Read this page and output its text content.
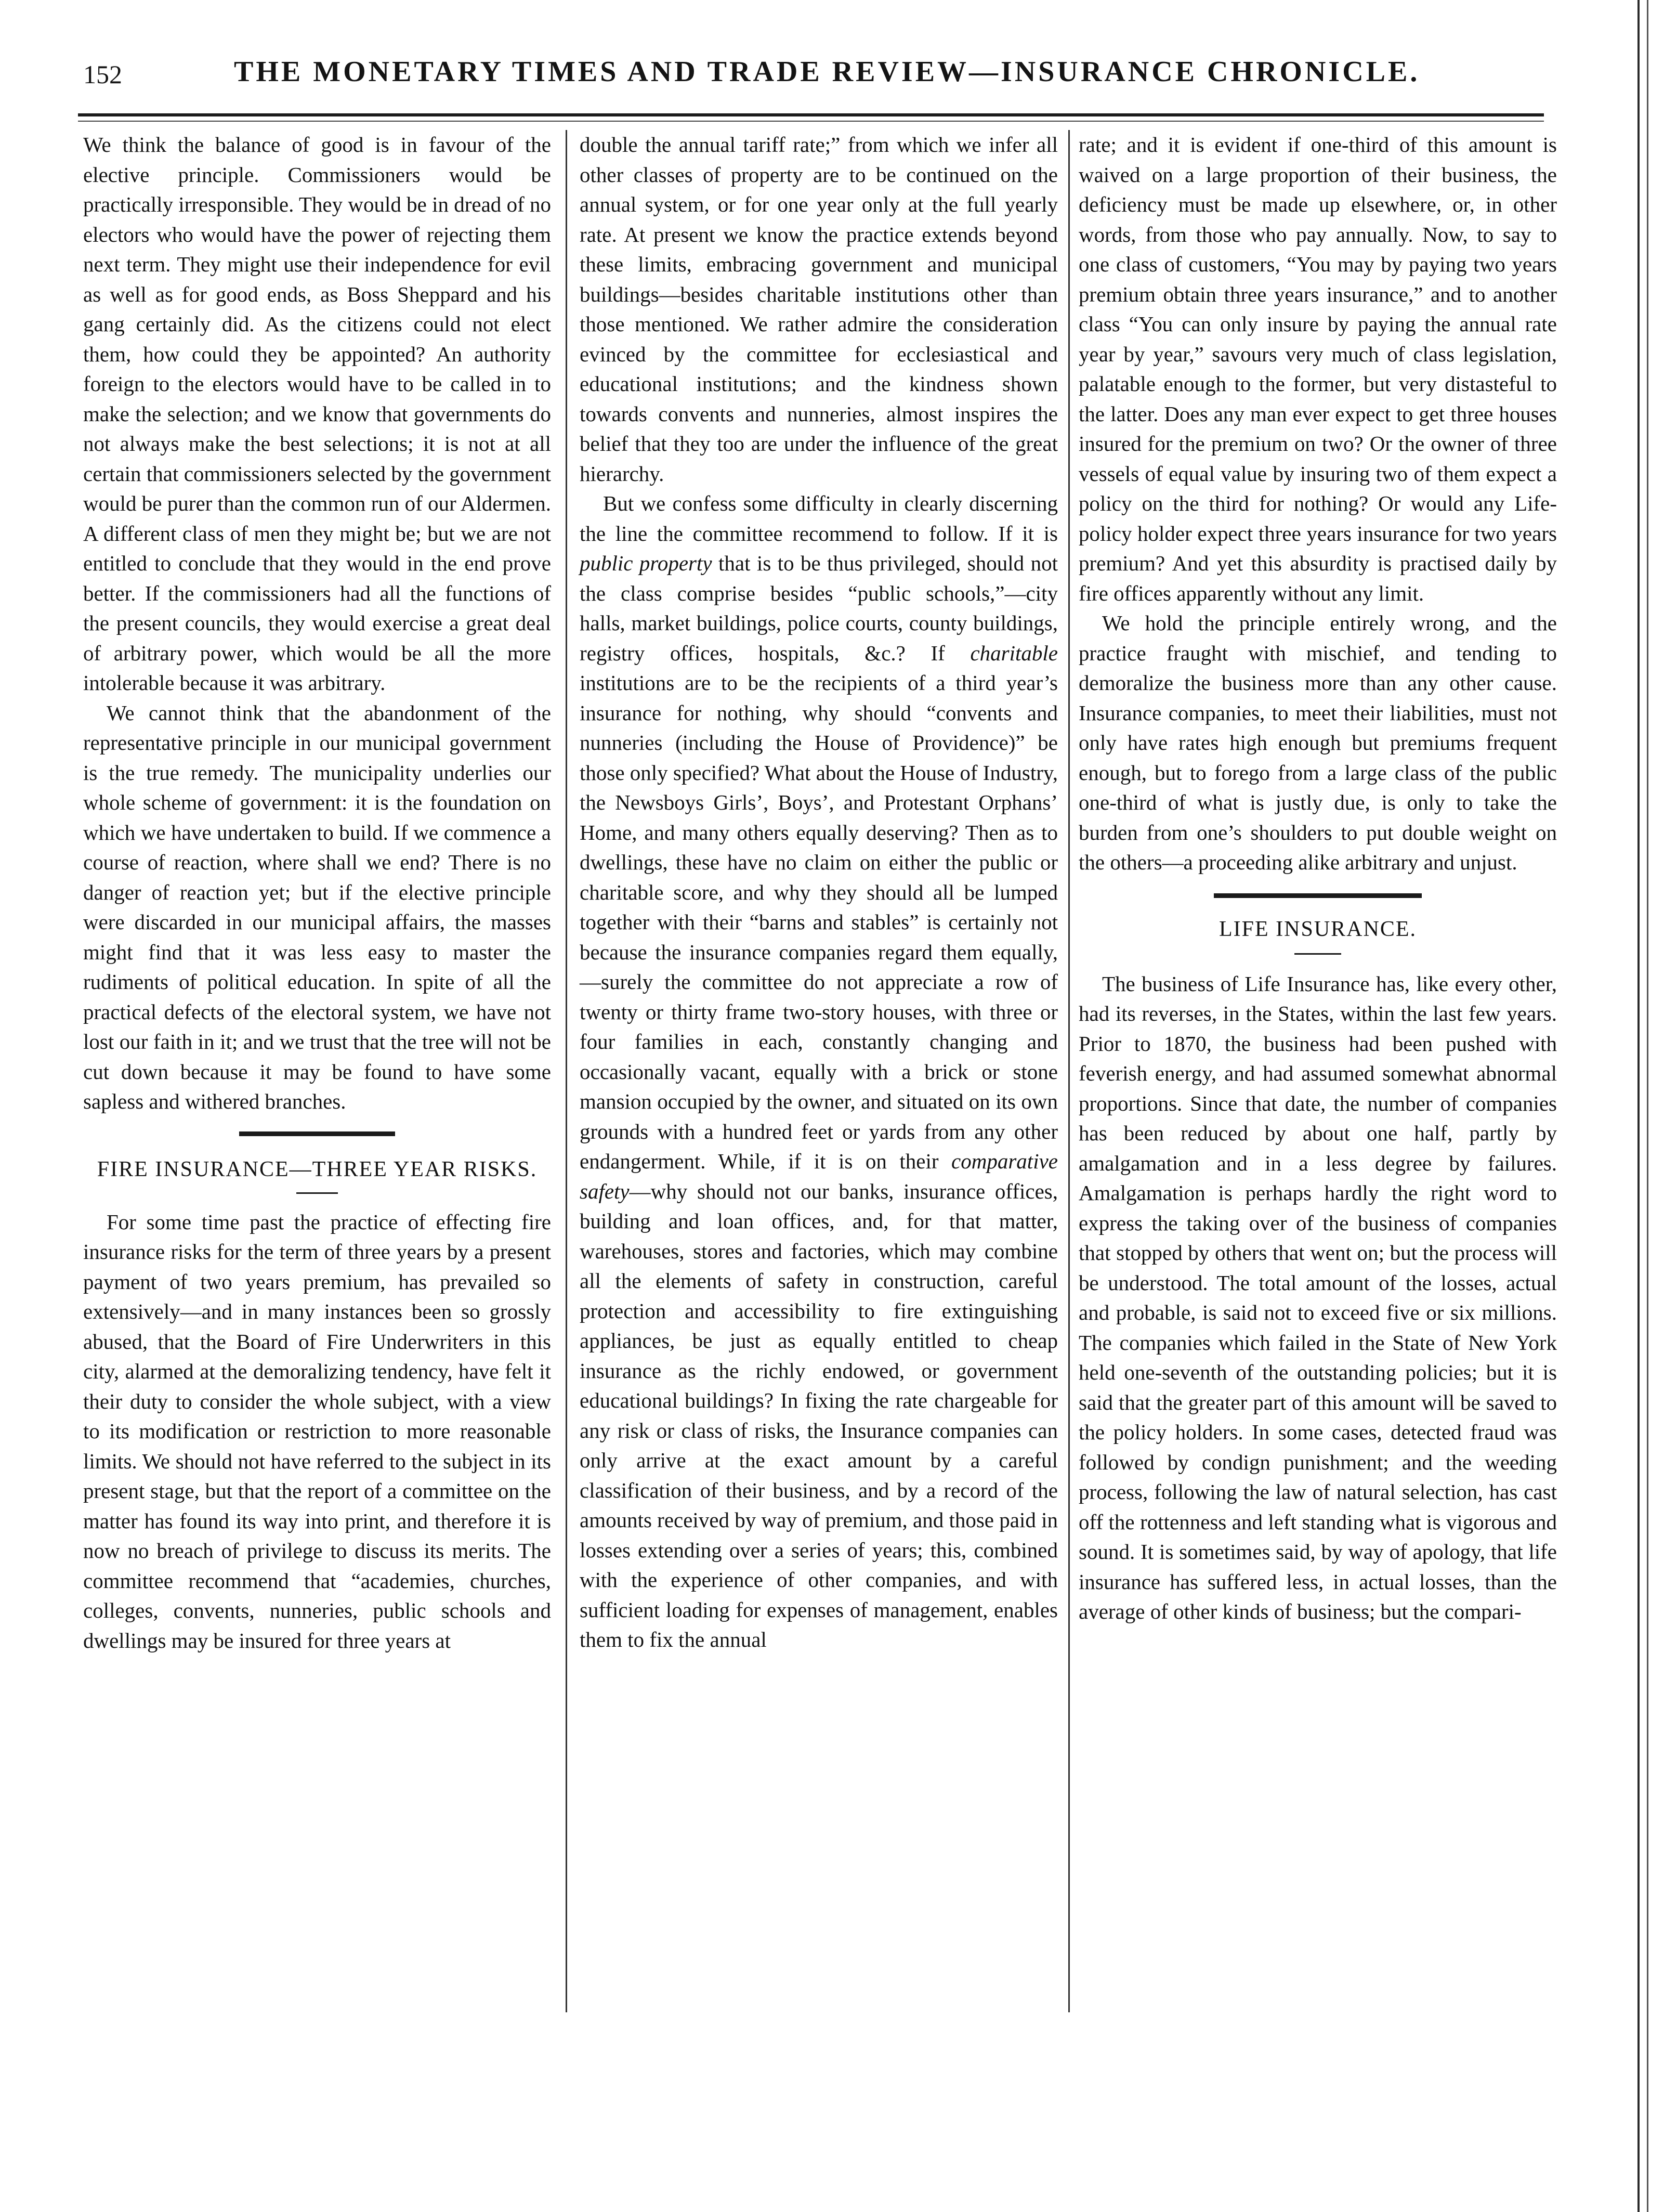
152	THE MONETARY TIMES AND TRADE REVIEW—INSURANCE CHRONICLE.

We think the balance of good is in favour of the elective principle. Commissioners would be practically irresponsible. They would be in dread of no electors who would have the power of rejecting them next term. They might use their independence for evil as well as for good ends, as Boss Sheppard and his gang certainly did. As the citizens could not elect them, how could they be appointed? An authority foreign to the electors would have to be called in to make the selection; and we know that governments do not always make the best selections; it is not at all certain that commissioners selected by the government would be purer than the common run of our Aldermen. A different class of men they might be; but we are not entitled to conclude that they would in the end prove better. If the commissioners had all the functions of the present councils, they would exercise a great deal of arbitrary power, which would be all the more intolerable because it was arbitrary.

We cannot think that the abandonment of the representative principle in our municipal government is the true remedy. The municipality underlies our whole scheme of government: it is the foundation on which we have undertaken to build. If we commence a course of reaction, where shall we end? There is no danger of reaction yet; but if the elective principle were discarded in our municipal affairs, the masses might find that it was less easy to master the rudiments of political education. In spite of all the practical defects of the electoral system, we have not lost our faith in it; and we trust that the tree will not be cut down because it may be found to have some sapless and withered branches.

FIRE INSURANCE—THREE YEAR RISKS.

For some time past the practice of effecting fire insurance risks for the term of three years by a present payment of two years premium, has prevailed so extensively—and in many instances been so grossly abused, that the Board of Fire Underwriters in this city, alarmed at the demoralizing tendency, have felt it their duty to consider the whole subject, with a view to its modification or restriction to more reasonable limits. We should not have referred to the subject in its present stage, but that the report of a committee on the matter has found its way into print, and therefore it is now no breach of privilege to discuss its merits. The committee recommend that “academies, churches, colleges, convents, nunneries, public schools and dwellings may be insured for three years at

double the annual tariff rate;” from which we infer all other classes of property are to be continued on the annual system, or for one year only at the full yearly rate. At present we know the practice extends beyond these limits, embracing government and municipal buildings—besides charitable institutions other than those mentioned. We rather admire the consideration evinced by the committee for ecclesiastical and educational institutions; and the kindness shown towards convents and nunneries, almost inspires the belief that they too are under the influence of the great hierarchy.

But we confess some difficulty in clearly discerning the line the committee recommend to follow. If it is public property that is to be thus privileged, should not the class comprise besides “public schools,”—city halls, market buildings, police courts, county buildings, registry offices, hospitals, &c.? If charitable institutions are to be the recipients of a third year’s insurance for nothing, why should “convents and nunneries (including the House of Providence)” be those only specified? What about the House of Industry, the Newsboys Girls’, Boys’, and Protestant Orphans’ Home, and many others equally deserving? Then as to dwellings, these have no claim on either the public or charitable score, and why they should all be lumped together with their “barns and stables” is certainly not because the insurance companies regard them equally,—surely the committee do not appreciate a row of twenty or thirty frame two-story houses, with three or four families in each, constantly changing and occasionally vacant, equally with a brick or stone mansion occupied by the owner, and situated on its own grounds with a hundred feet or yards from any other endangerment. While, if it is on their comparative safety—why should not our banks, insurance offices, building and loan offices, and, for that matter, warehouses, stores and factories, which may combine all the elements of safety in construction, careful protection and accessibility to fire extinguishing appliances, be just as equally entitled to cheap insurance as the richly endowed, or government educational buildings? In fixing the rate chargeable for any risk or class of risks, the Insurance companies can only arrive at the exact amount by a careful classification of their business, and by a record of the amounts received by way of premium, and those paid in losses extending over a series of years; this, combined with the experience of other companies, and with sufficient loading for expenses of management, enables them to fix the annual

rate; and it is evident if one-third of this amount is waived on a large proportion of their business, the deficiency must be made up elsewhere, or, in other words, from those who pay annually. Now, to say to one class of customers, “You may by paying two years premium obtain three years insurance,” and to another class “You can only insure by paying the annual rate year by year,” savours very much of class legislation, palatable enough to the former, but very distasteful to the latter. Does any man ever expect to get three houses insured for the premium on two? Or the owner of three vessels of equal value by insuring two of them expect a policy on the third for nothing? Or would any Life-policy holder expect three years insurance for two years premium? And yet this absurdity is practised daily by fire offices apparently without any limit.

We hold the principle entirely wrong, and the practice fraught with mischief, and tending to demoralize the business more than any other cause. Insurance companies, to meet their liabilities, must not only have rates high enough but premiums frequent enough, but to forego from a large class of the public one-third of what is justly due, is only to take the burden from one’s shoulders to put double weight on the others—a proceeding alike arbitrary and unjust.

LIFE INSURANCE.

The business of Life Insurance has, like every other, had its reverses, in the States, within the last few years. Prior to 1870, the business had been pushed with feverish energy, and had assumed somewhat abnormal proportions. Since that date, the number of companies has been reduced by about one half, partly by amalgamation and in a less degree by failures. Amalgamation is perhaps hardly the right word to express the taking over of the business of companies that stopped by others that went on; but the process will be understood. The total amount of the losses, actual and probable, is said not to exceed five or six millions. The companies which failed in the State of New York held one-seventh of the outstanding policies; but it is said that the greater part of this amount will be saved to the policy holders. In some cases, detected fraud was followed by condign punishment; and the weeding process, following the law of natural selection, has cast off the rottenness and left standing what is vigorous and sound. It is sometimes said, by way of apology, that life insurance has suffered less, in actual losses, than the average of other kinds of business; but the compari-
